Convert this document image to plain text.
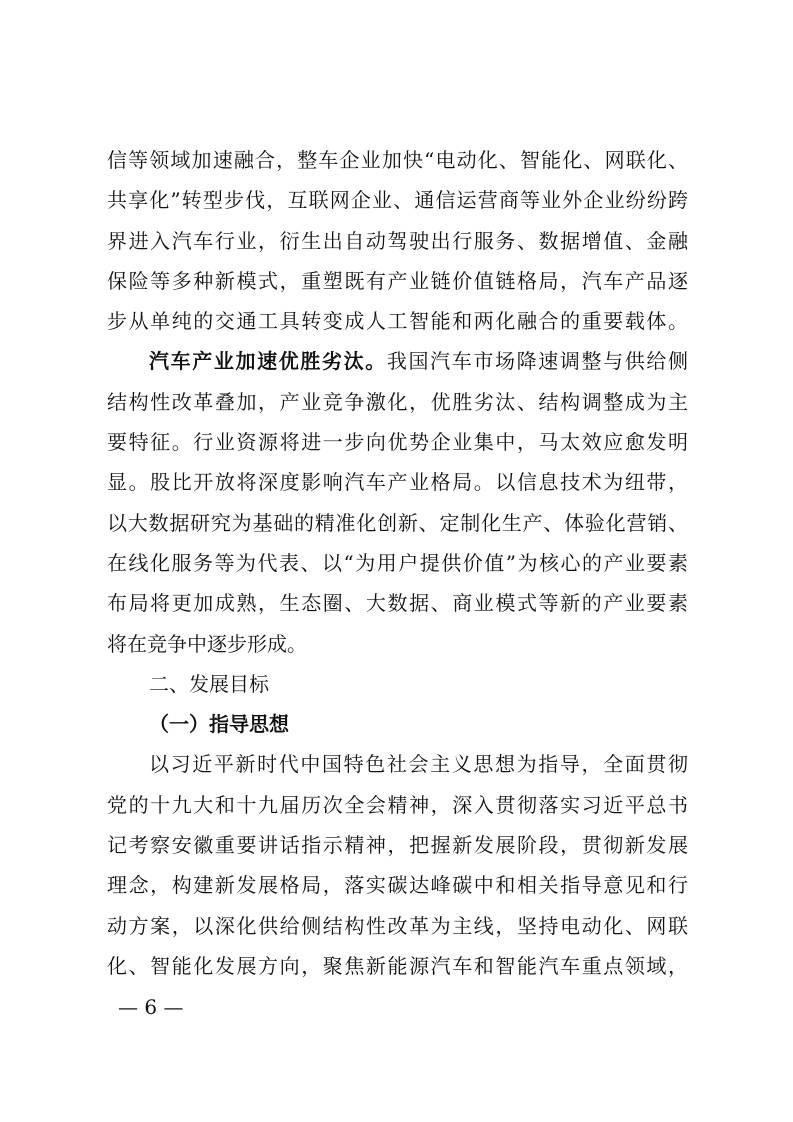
信等领域加速融合，整车企业加快“电动化、智能化、网联化、
共享化”转型步伐，互联网企业、通信运营商等业外企业纷纷跨
界进入汽车行业，衍生出自动驾驶出行服务、数据增值、金融
保险等多种新模式，重塑既有产业链价值链格局，汽车产品逐
步从单纯的交通工具转变成人工智能和两化融合的重要载体。
汽车产业加速优胜劣汰。我国汽车市场降速调整与供给侧
结构性改革叠加，产业竞争激化，优胜劣汰、结构调整成为主
要特征。行业资源将进一步向优势企业集中，马太效应愈发明
显。股比开放将深度影响汽车产业格局。以信息技术为纽带，
以大数据研究为基础的精准化创新、定制化生产、体验化营销、
在线化服务等为代表、以“为用户提供价值”为核心的产业要素
布局将更加成熟，生态圈、大数据、商业模式等新的产业要素
将在竞争中逐步形成。
二、发展目标
（一）指导思想
以习近平新时代中国特色社会主义思想为指导，全面贯彻
党的十九大和十九届历次全会精神，深入贯彻落实习近平总书
记考察安徽重要讲话指示精神，把握新发展阶段，贯彻新发展
理念，构建新发展格局，落实碳达峰碳中和相关指导意见和行
动方案，以深化供给侧结构性改革为主线，坚持电动化、网联
化、智能化发展方向，聚焦新能源汽车和智能汽车重点领域，
— 6 —
